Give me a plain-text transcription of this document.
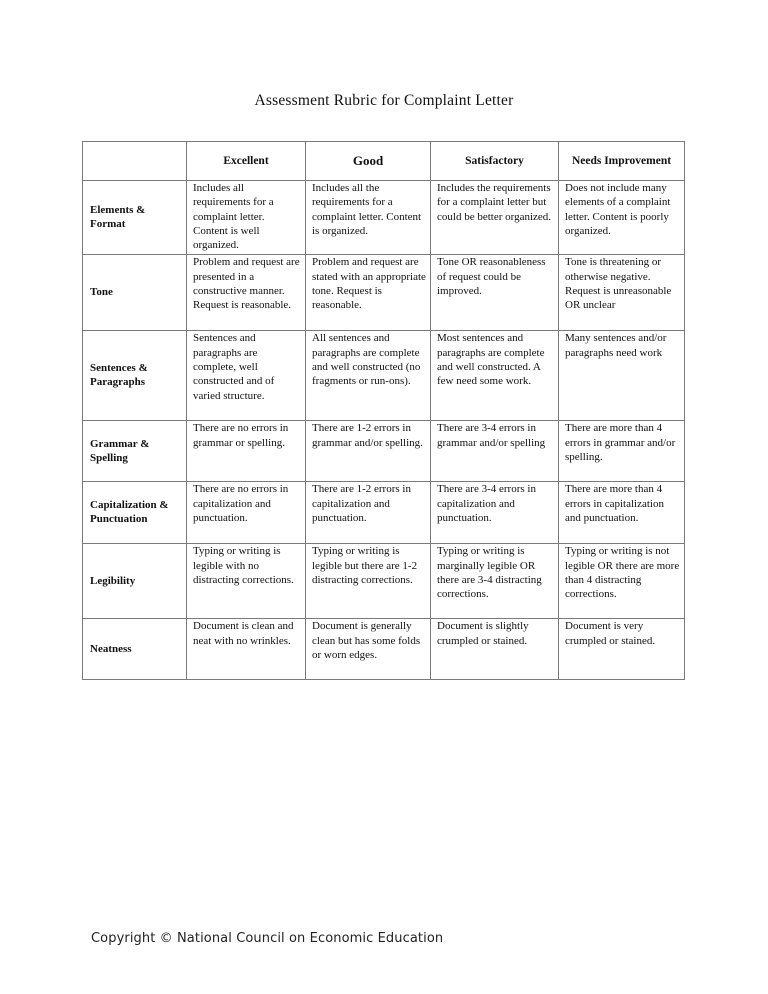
Assessment Rubric for Complaint Letter
	Excellent	Good	Satisfactory	Needs Improvement
Elements & Format	Includes all requirements for a complaint letter. Content is well organized.	Includes all the requirements for a complaint letter. Content is organized.	Includes the requirements for a complaint letter but could be better organized.	Does not include many elements of a complaint letter. Content is poorly organized.
Tone	Problem and request are presented in a constructive manner. Request is reasonable.	Problem and request are stated with an appropriate tone. Request is reasonable.	Tone OR reasonableness of request could be improved.	Tone is threatening or otherwise negative. Request is unreasonable OR unclear
Sentences & Paragraphs	Sentences and paragraphs are complete, well constructed and of varied structure.	All sentences and paragraphs are complete and well constructed (no fragments or run-ons).	Most sentences and paragraphs are complete and well constructed. A few need some work.	Many sentences and/or paragraphs need work
Grammar & Spelling	There are no errors in grammar or spelling.	There are 1-2 errors in grammar and/or spelling.	There are 3-4 errors in grammar and/or spelling	There are more than 4 errors in grammar and/or spelling.
Capitalization & Punctuation	There are no errors in capitalization and punctuation.	There are 1-2 errors in capitalization and punctuation.	There are 3-4 errors in capitalization and punctuation.	There are more than 4 errors in capitalization and punctuation.
Legibility	Typing or writing is legible with no distracting corrections.	Typing or writing is legible but there are 1-2 distracting corrections.	Typing or writing is marginally legible OR there are 3-4 distracting corrections.	Typing or writing is not legible OR there are more than 4 distracting corrections.
Neatness	Document is clean and neat with no wrinkles.	Document is generally clean but has some folds or worn edges.	Document is slightly crumpled or stained.	Document is very crumpled or stained.
Copyright © National Council on Economic Education
